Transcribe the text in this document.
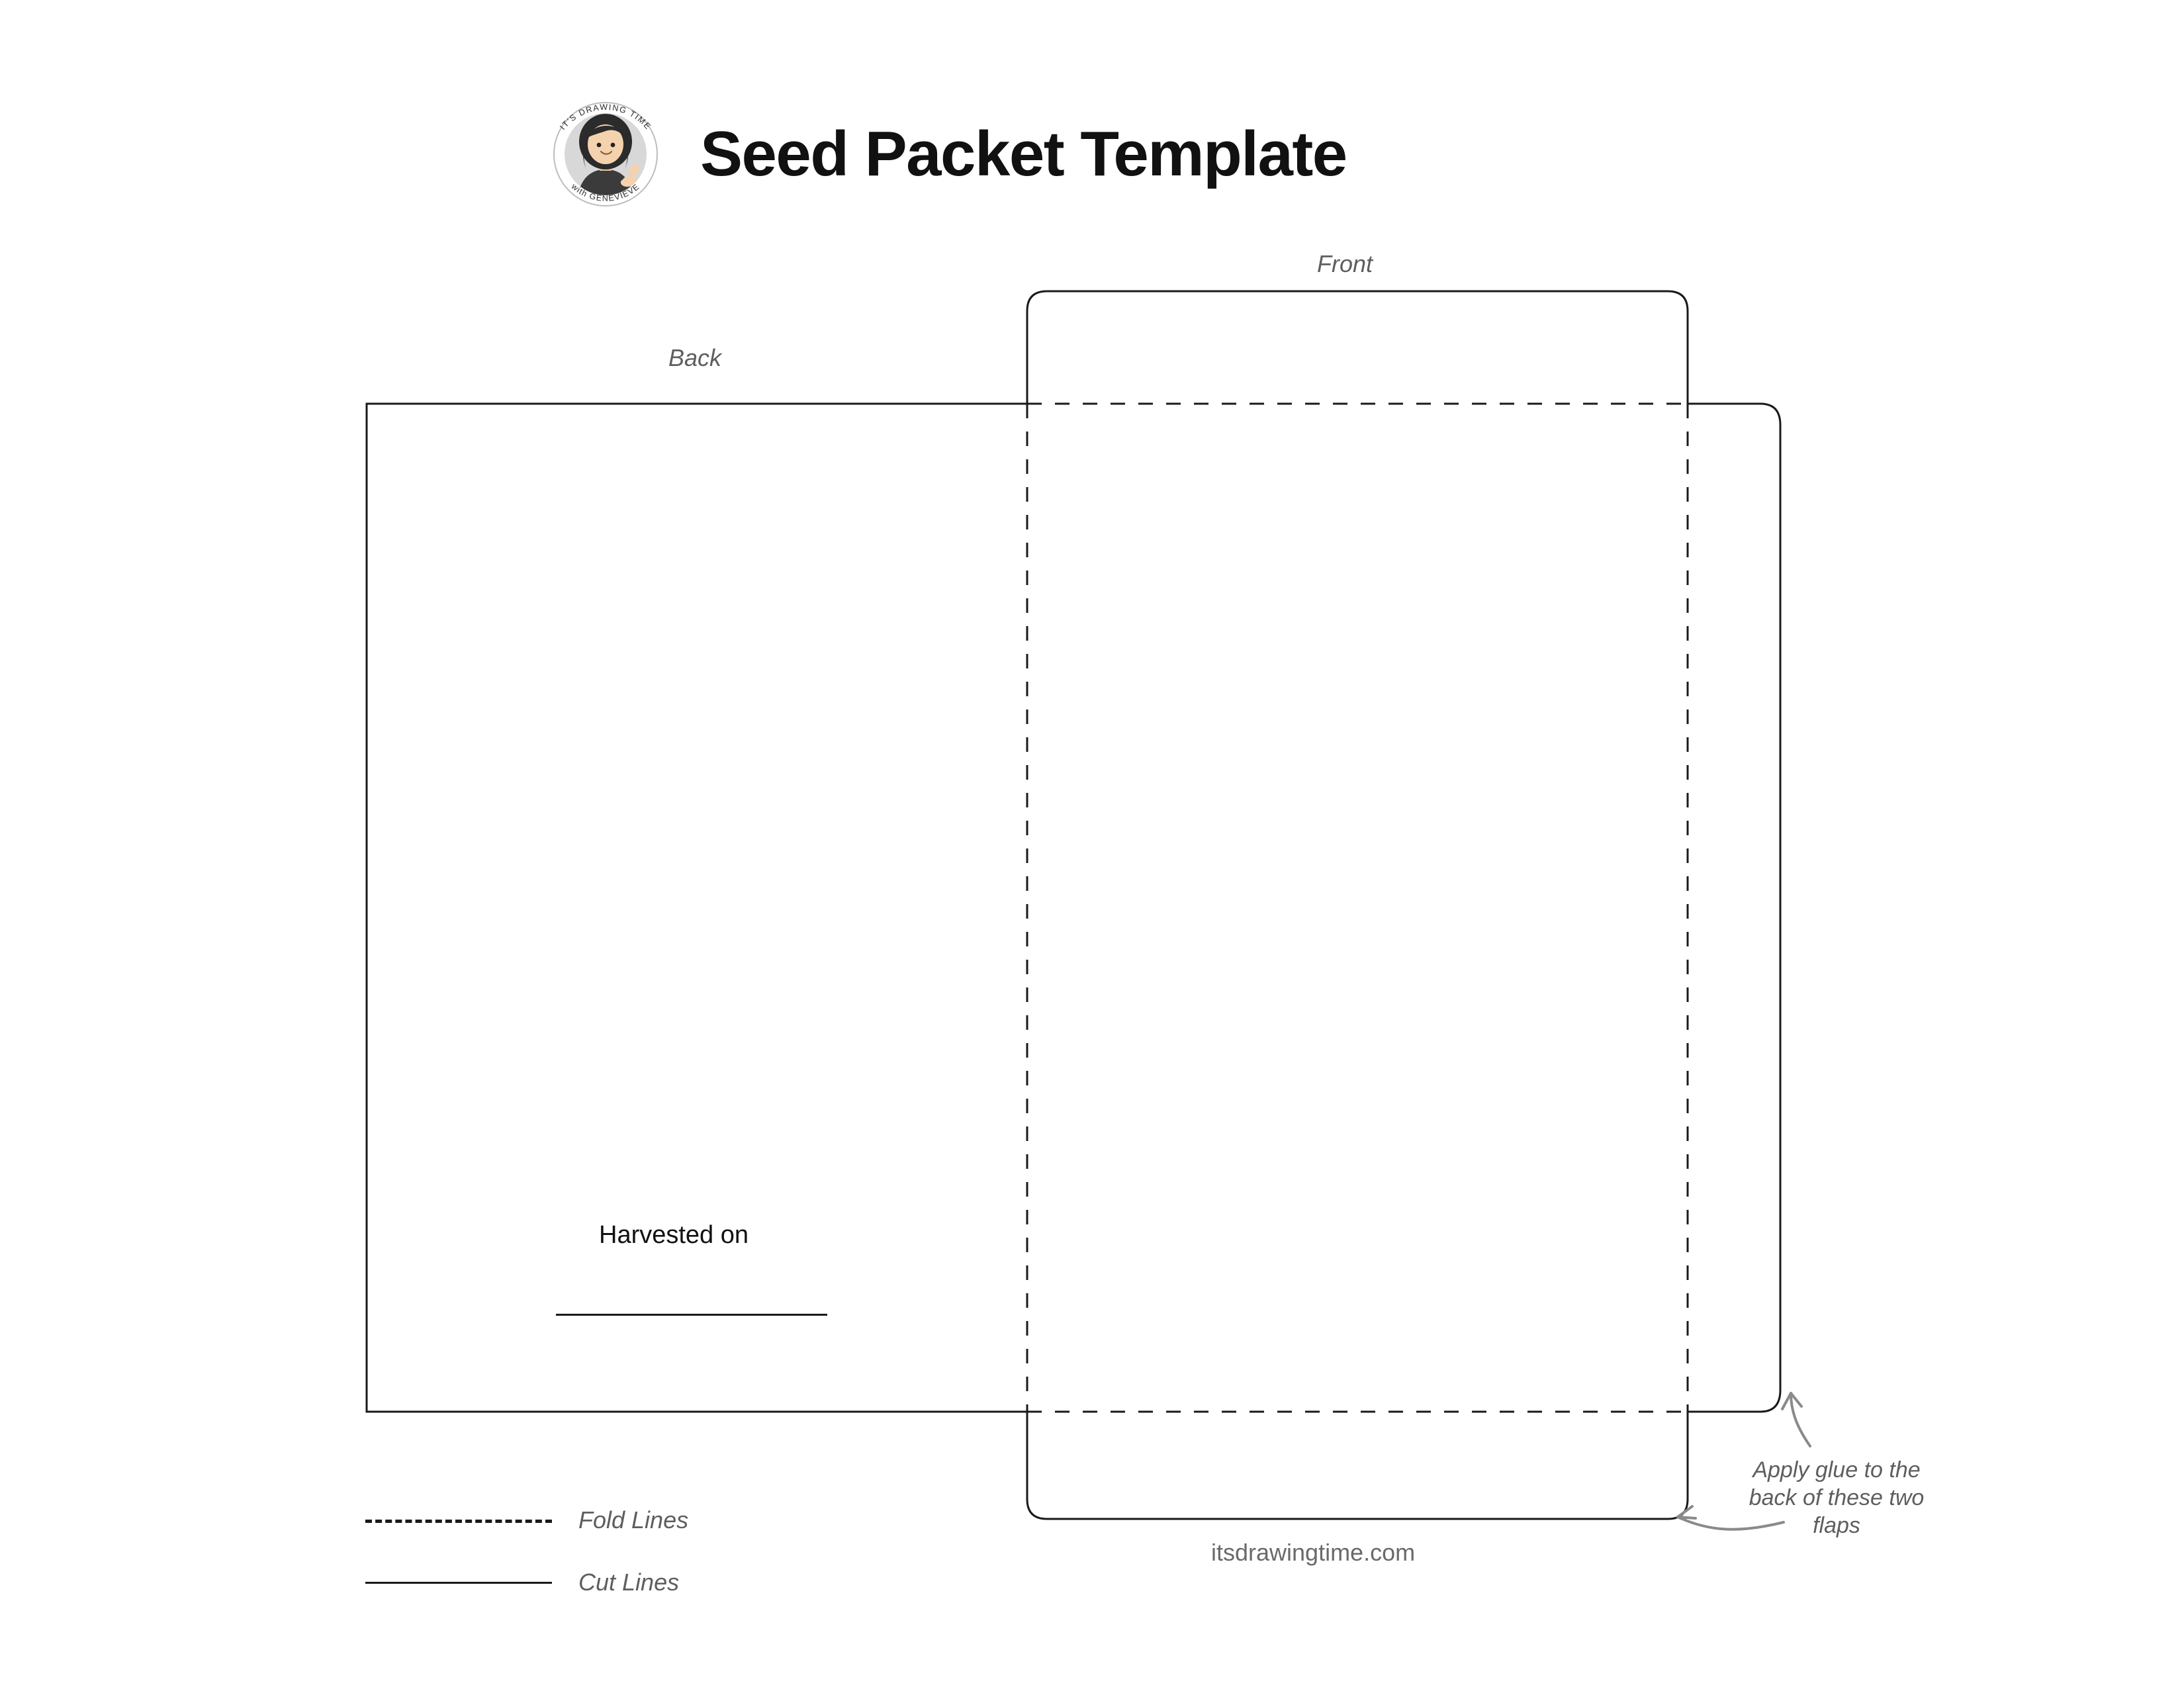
IT'S DRAWING TIME
with GENEVIEVE Seed Packet Template
Back
Front
Harvested on
Apply glue to the back of these two flaps
itsdrawingtime.com
Fold Lines
Cut Lines
